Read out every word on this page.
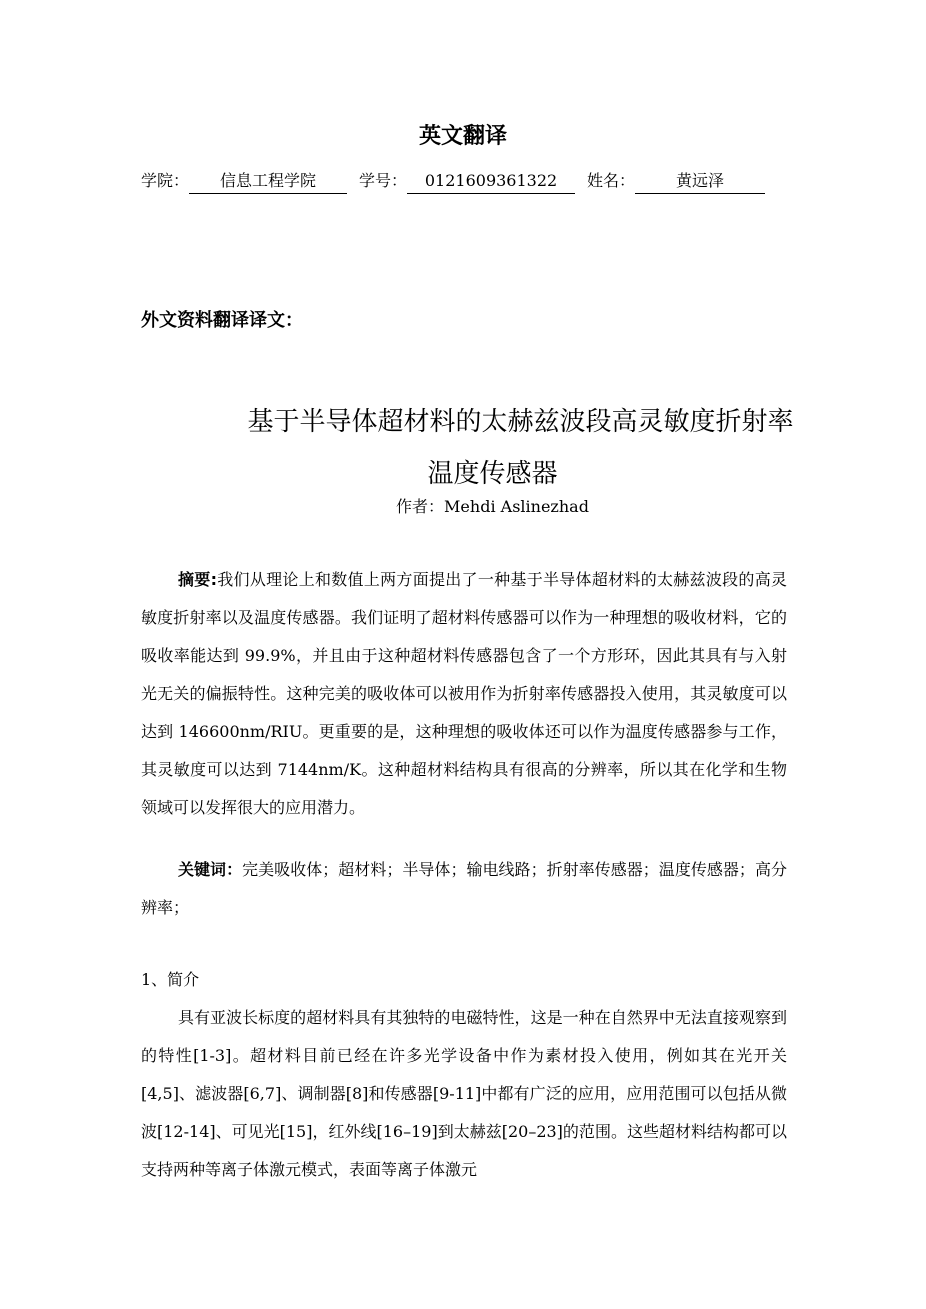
英文翻译
学院： 信息工程学院	学号： 0121609361322 姓名：	黄远泽
外文资料翻译译文：
基于半导体超材料的太赫兹波段高灵敏度折射率
温度传感器
作者：Mehdi Aslinezhad
摘要:我们从理论上和数值上两方面提出了一种基于半导体超材料的太赫兹波段的高灵敏度折射率以及温度传感器。我们证明了超材料传感器可以作为一种理想的吸收材料，它的吸收率能达到 99.9%，并且由于这种超材料传感器包含了一个方形环，因此其具有与入射光无关的偏振特性。这种完美的吸收体可以被用作为折射率传感器投入使用，其灵敏度可以达到 146600nm/RIU。更重要的是，这种理想的吸收体还可以作为温度传感器参与工作，其灵敏度可以达到 7144nm/K。这种超材料结构具有很高的分辨率，所以其在化学和生物领域可以发挥很大的应用潜力。
关键词：完美吸收体；超材料；半导体；输电线路；折射率传感器；温度传感器；高分辨率；
1、简介
具有亚波长标度的超材料具有其独特的电磁特性，这是一种在自然界中无法直接观察到的特性[1-3]。超材料目前已经在许多光学设备中作为素材投入使用，例如其在光开关[4,5]、滤波器[6,7]、调制器[8]和传感器[9-11]中都有广泛的应用，应用范围可以包括从微波[12-14]、可见光[15]，红外线[16–19]到太赫兹[20–23]的范围。这些超材料结构都可以支持两种等离子体激元模式，表面等离子体激元
